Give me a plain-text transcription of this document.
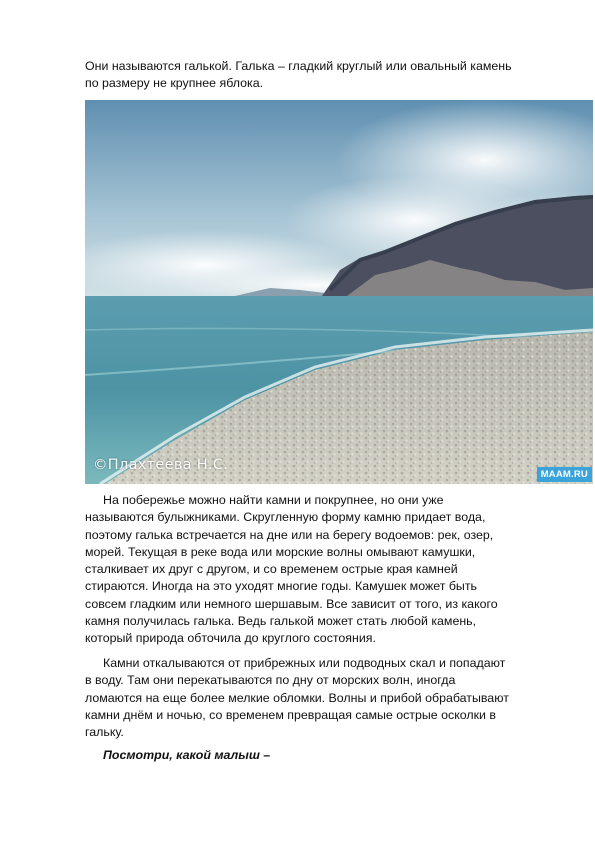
Они называются галькой. Галька – гладкий круглый или овальный камень по размеру не крупнее яблока.

©Плахтеева Н.С.
MAAM.RU

На побережье можно найти камни и покрупнее, но они уже называются булыжниками. Скругленную форму камню придает вода, поэтому галька встречается на дне или на берегу водоемов: рек, озер, морей. Текущая в реке вода или морские волны омывают камушки, сталкивает их друг с другом, и со временем острые края камней стираются. Иногда на это уходят многие годы. Камушек может быть совсем гладким или немного шершавым. Все зависит от того, из какого камня получилась галька. Ведь галькой может стать любой камень, который природа обточила до круглого состояния.

Камни откалываются от прибрежных или подводных скал и попадают в воду. Там они перекатываются по дну от морских волн, иногда ломаются на еще более мелкие обломки. Волны и прибой обрабатывают камни днём и ночью, со временем превращая самые острые осколки в гальку.

Посмотри, какой малыш –
